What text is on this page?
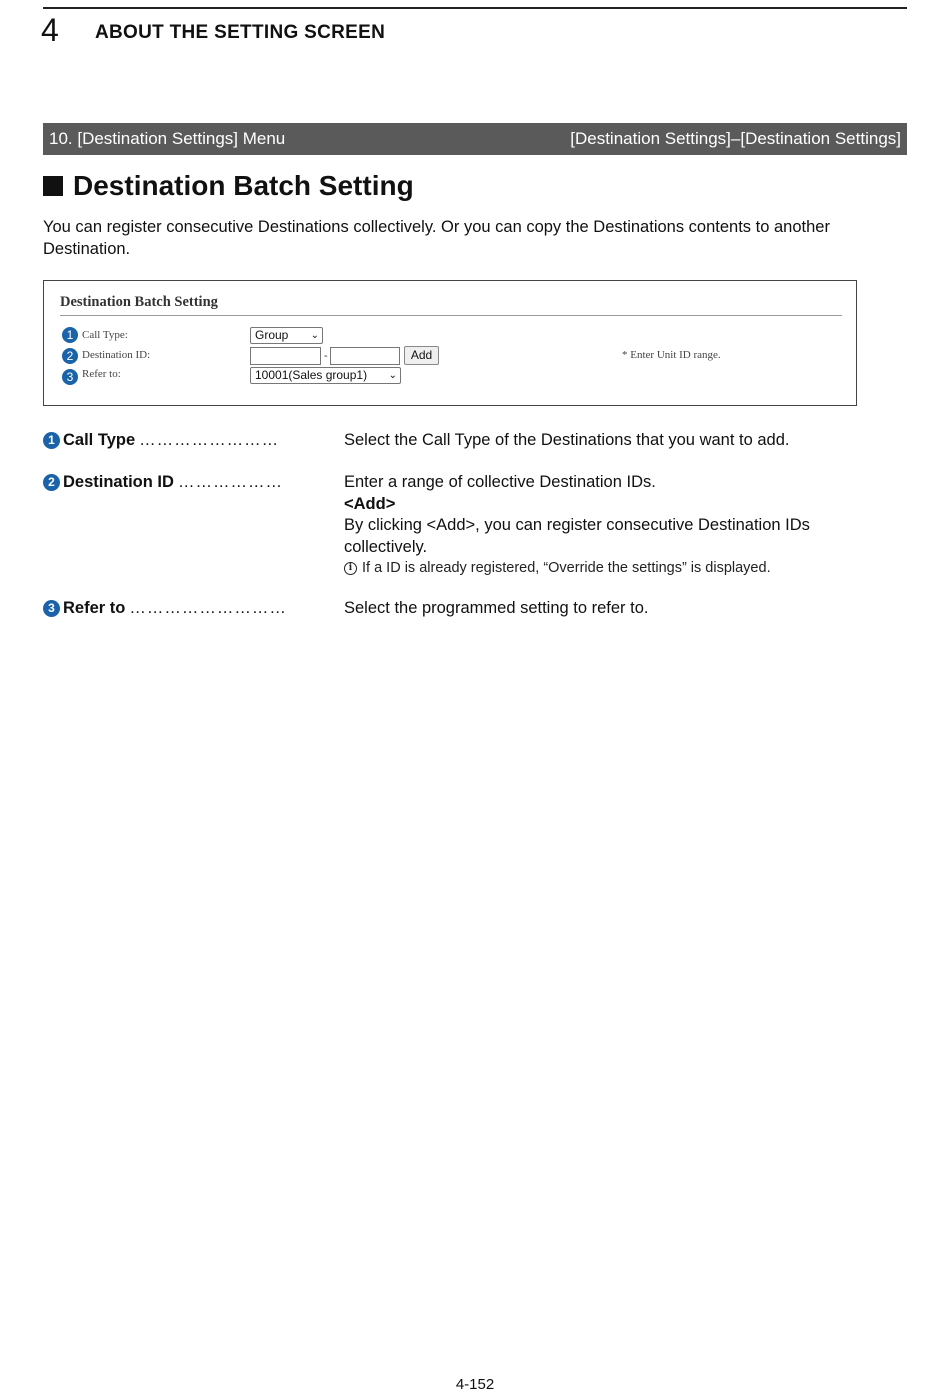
4 ABOUT THE SETTING SCREEN
10. [Destination Settings] Menu	[Destination Settings]–[Destination Settings]
Destination Batch Setting

You can register consecutive Destinations collectively. Or you can copy the Destinations contents to another Destination.

Destination Batch Setting
1 Call Type:	Group ⌄
2 Destination ID:	-	Add	* Enter Unit ID range.
3 Refer to:	10001(Sales group1) ⌄
1 Call Type ……………………	Select the Call Type of the Destinations that you want to add.
2 Destination ID ………………	Enter a range of collective Destination IDs.
<Add>
By clicking <Add>, you can register consecutive Destination IDs collectively.
i If a ID is already registered, “Override the settings” is displayed.
3 Refer to ………………………	Select the programmed setting to refer to.
4-152
